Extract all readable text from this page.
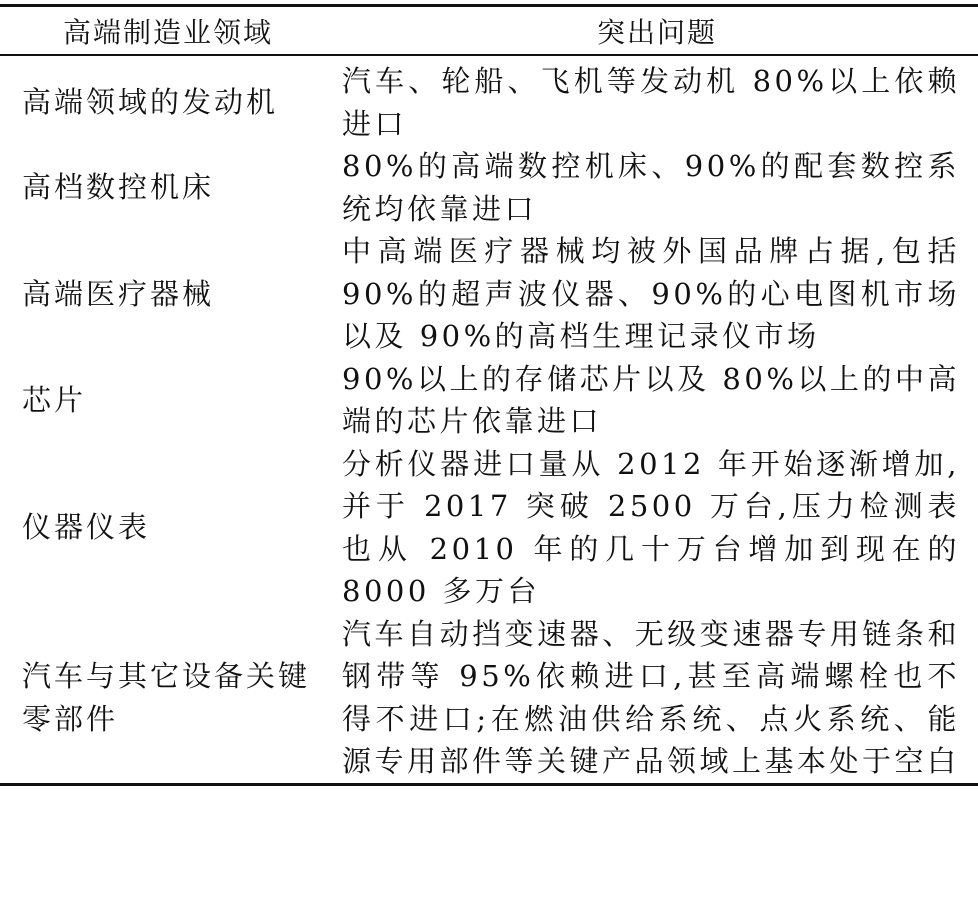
高端制造业领域	突出问题
高端领域的发动机	汽车、轮船、飞机等发动机 80%以上依赖进口
高档数控机床	80%的高端数控机床、90%的配套数控系统均依靠进口
高端医疗器械	中高端医疗器械均被外国品牌占据,包括 90%的超声波仪器、90%的心电图机市场以及 90%的高档生理记录仪市场
芯片	90%以上的存储芯片以及 80%以上的中高端的芯片依靠进口
仪器仪表	分析仪器进口量从 2012 年开始逐渐增加,并于 2017 突破 2500 万台,压力检测表也从 2010 年的几十万台增加到现在的 8000 多万台
汽车与其它设备关键零部件	汽车自动挡变速器、无级变速器专用链条和钢带等 95%依赖进口,甚至高端螺栓也不得不进口;在燃油供给系统、点火系统、能源专用部件等关键产品领域上基本处于空白
